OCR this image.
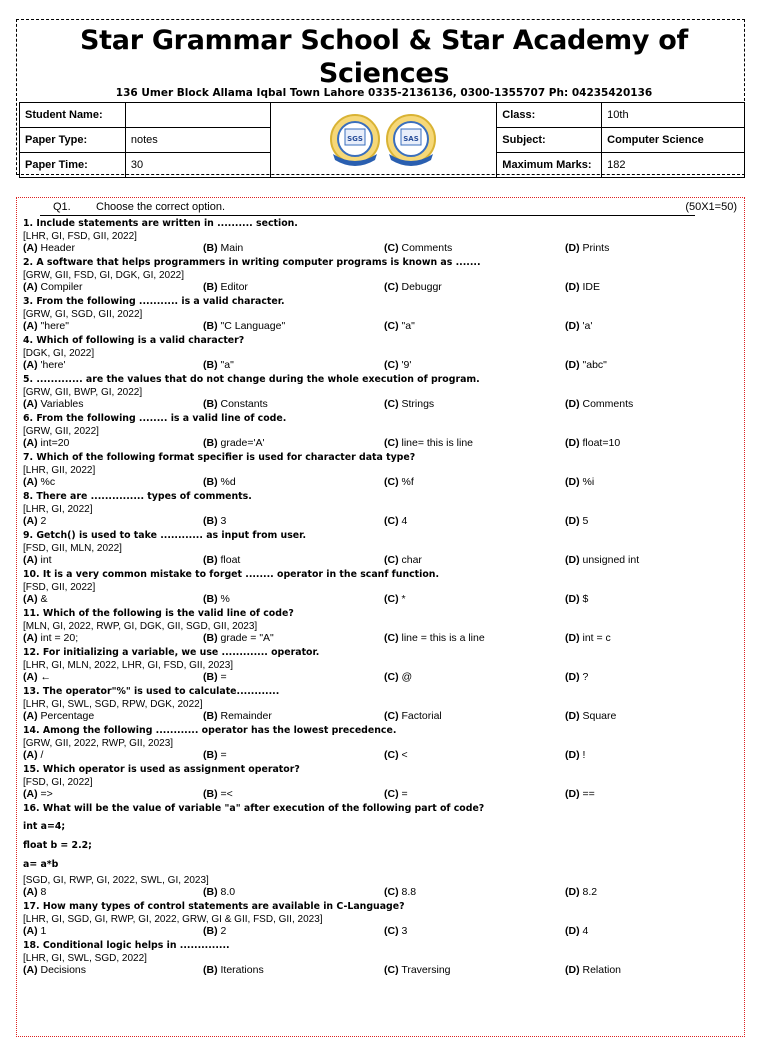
Star Grammar School & Star Academy of Sciences
136 Umer Block Allama Iqbal Town Lahore 0335-2136136, 0300-1355707 Ph: 04235420136
Student Name:		SGS SAS	Class:	10th
Paper Type:	notes		Subject:	Computer Science
Paper Time:	30		Maximum Marks:	182
Q1. Choose the correct option.	(50X1=50)
1. Include statements are written in .......... section.
[LHR, GI, FSD, GII, 2022]
(A) Header	(B) Main	(C) Comments	(D) Prints
2. A software that helps programmers in writing computer programs is known as .......
[GRW, GII, FSD, GI, DGK, GI, 2022]
(A) Compiler	(B) Editor	(C) Debuggr	(D) IDE
3. From the following ........... is a valid character.
[GRW, GI, SGD, GII, 2022]
(A) "here"	(B) "C Language"	(C) "a"	(D) 'a'
4. Which of following is a valid character?
[DGK, GI, 2022]
(A) 'here'	(B) "a"	(C) '9'	(D) "abc"
5. ............. are the values that do not change during the whole execution of program.
[GRW, GII, BWP, GI, 2022]
(A) Variables	(B) Constants	(C) Strings	(D) Comments
6. From the following ........ is a valid line of code.
[GRW, GII, 2022]
(A) int=20	(B) grade='A'	(C) line= this is line	(D) float=10
7. Which of the following format specifier is used for character data type?
[LHR, GII, 2022]
(A) %c	(B) %d	(C) %f	(D) %i
8. There are ............... types of comments.
[LHR, GI, 2022]
(A) 2	(B) 3	(C) 4	(D) 5
9. Getch() is used to take ............ as input from user.
[FSD, GII, MLN, 2022]
(A) int	(B) float	(C) char	(D) unsigned int
10. It is a very common mistake to forget ........ operator in the scanf function.
[FSD, GII, 2022]
(A) &	(B) %	(C) *	(D) $
11. Which of the following is the valid line of code?
[MLN, GI, 2022, RWP, GI, DGK, GII, SGD, GII, 2023]
(A) int = 20;	(B) grade = "A"	(C) line = this is a line	(D) int = c
12. For initializing a variable, we use ............. operator.
[LHR, GI, MLN, 2022, LHR, GI, FSD, GII, 2023]
(A) ←	(B) =	(C) @	(D) ?
13. The operator"%" is used to calculate............
[LHR, GI, SWL, SGD, RPW, DGK, 2022]
(A) Percentage	(B) Remainder	(C) Factorial	(D) Square
14. Among the following ............ operator has the lowest precedence.
[GRW, GII, 2022, RWP, GII, 2023]
(A) /	(B) =	(C) <	(D) !
15. Which operator is used as assignment operator?
[FSD, GI, 2022]
(A) =>	(B) =<	(C) =	(D) ==
16. What will be the value of variable "a" after execution of the following part of code?
int a=4;
float b = 2.2;
a= a*b
[SGD, GI, RWP, GI, 2022, SWL, GI, 2023]
(A) 8	(B) 8.0	(C) 8.8	(D) 8.2
17. How many types of control statements are available in C-Language?
[LHR, GI, SGD, GI, RWP, GI, 2022, GRW, GI & GII, FSD, GII, 2023]
(A) 1	(B) 2	(C) 3	(D) 4
18. Conditional logic helps in ..............
[LHR, GI, SWL, SGD, 2022]
(A) Decisions	(B) Iterations	(C) Traversing	(D) Relation
